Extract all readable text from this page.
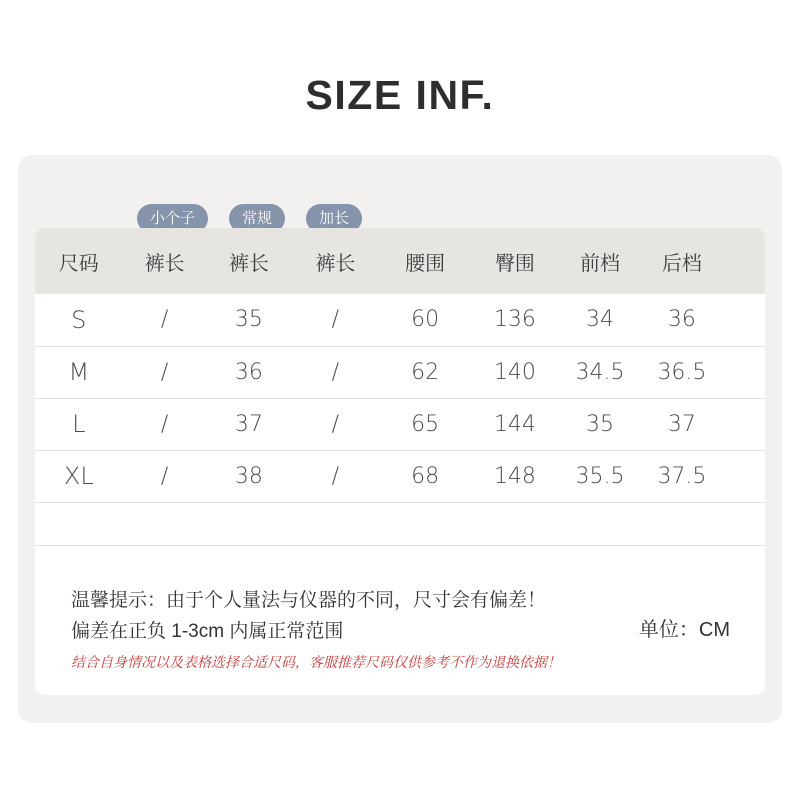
SIZE INF.
小个子	常规	加长
尺码	裤长	裤长	裤长	腰围	臀围	前档	后档
S	/	35	/	60	136	34	36
M	/	36	/	62	140	34.5	36.5
L	/	37	/	65	144	35	37
XL	/	38	/	68	148	35.5	37.5

温馨提示：由于个人量法与仪器的不同，尺寸会有偏差！

偏差在正负 1-3cm 内属正常范围

结合自身情况以及表格选择合适尺码，客服推荐尺码仅供参考不作为退换依据！

单位：CM
